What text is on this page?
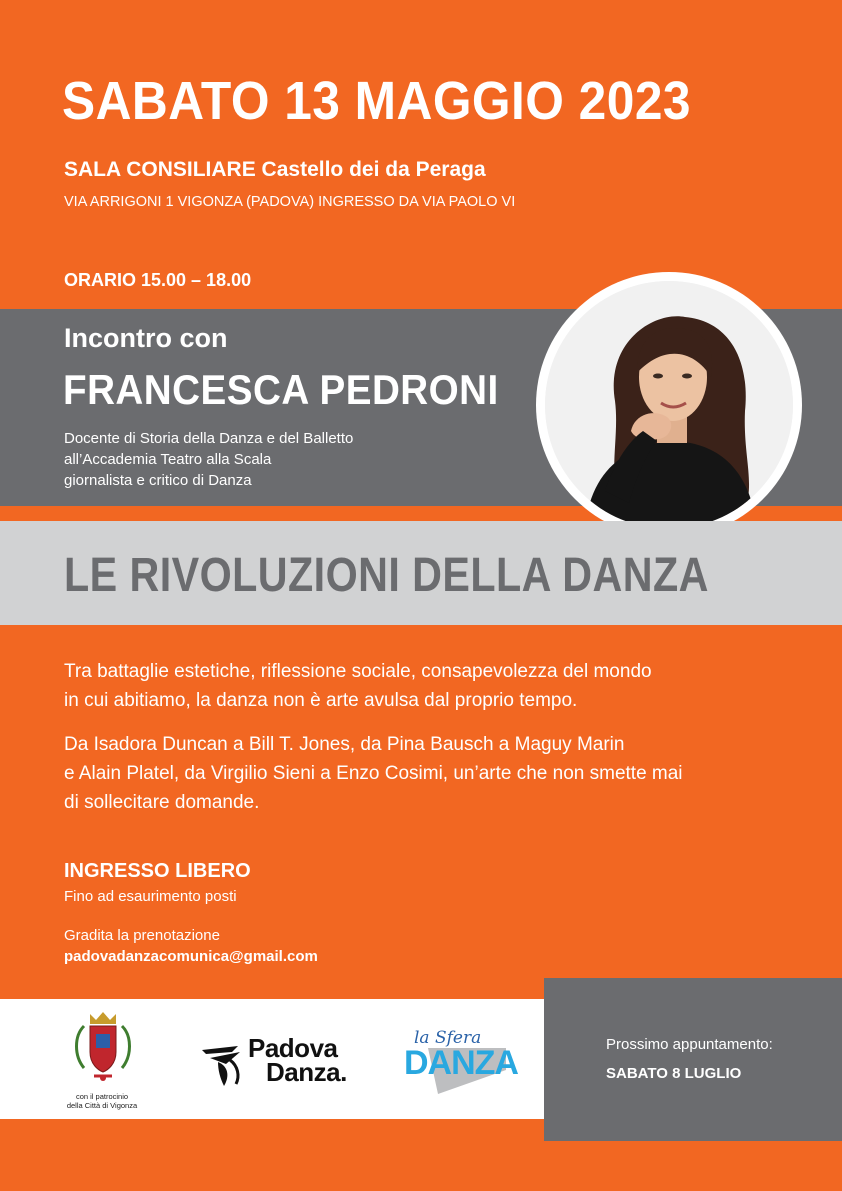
SABATO 13 MAGGIO 2023
SALA CONSILIARE Castello dei da Peraga
VIA ARRIGONI 1 VIGONZA (PADOVA) INGRESSO DA VIA PAOLO VI
ORARIO 15.00 – 18.00
Incontro con
FRANCESCA PEDRONI
Docente di Storia della Danza e del Balletto
all’Accademia Teatro alla Scala
giornalista e critico di Danza
LE RIVOLUZIONI DELLA DANZA

Tra battaglie estetiche, riflessione sociale, consapevolezza del mondo
in cui abitiamo, la danza non è arte avulsa dal proprio tempo.

Da Isadora Duncan a Bill T. Jones, da Pina Bausch a Maguy Marin
e Alain Platel, da Virgilio Sieni a Enzo Cosimi, un’arte che non smette mai
di sollecitare domande.

INGRESSO LIBERO
Fino ad esaurimento posti
Gradita la prenotazione
padovadanzacomunica@gmail.com
Prossimo appuntamento:
SABATO 8 LUGLIO
con il patrocinio
della Città di Vigonza
Padova
Danza.
la Sfera
DANZA
